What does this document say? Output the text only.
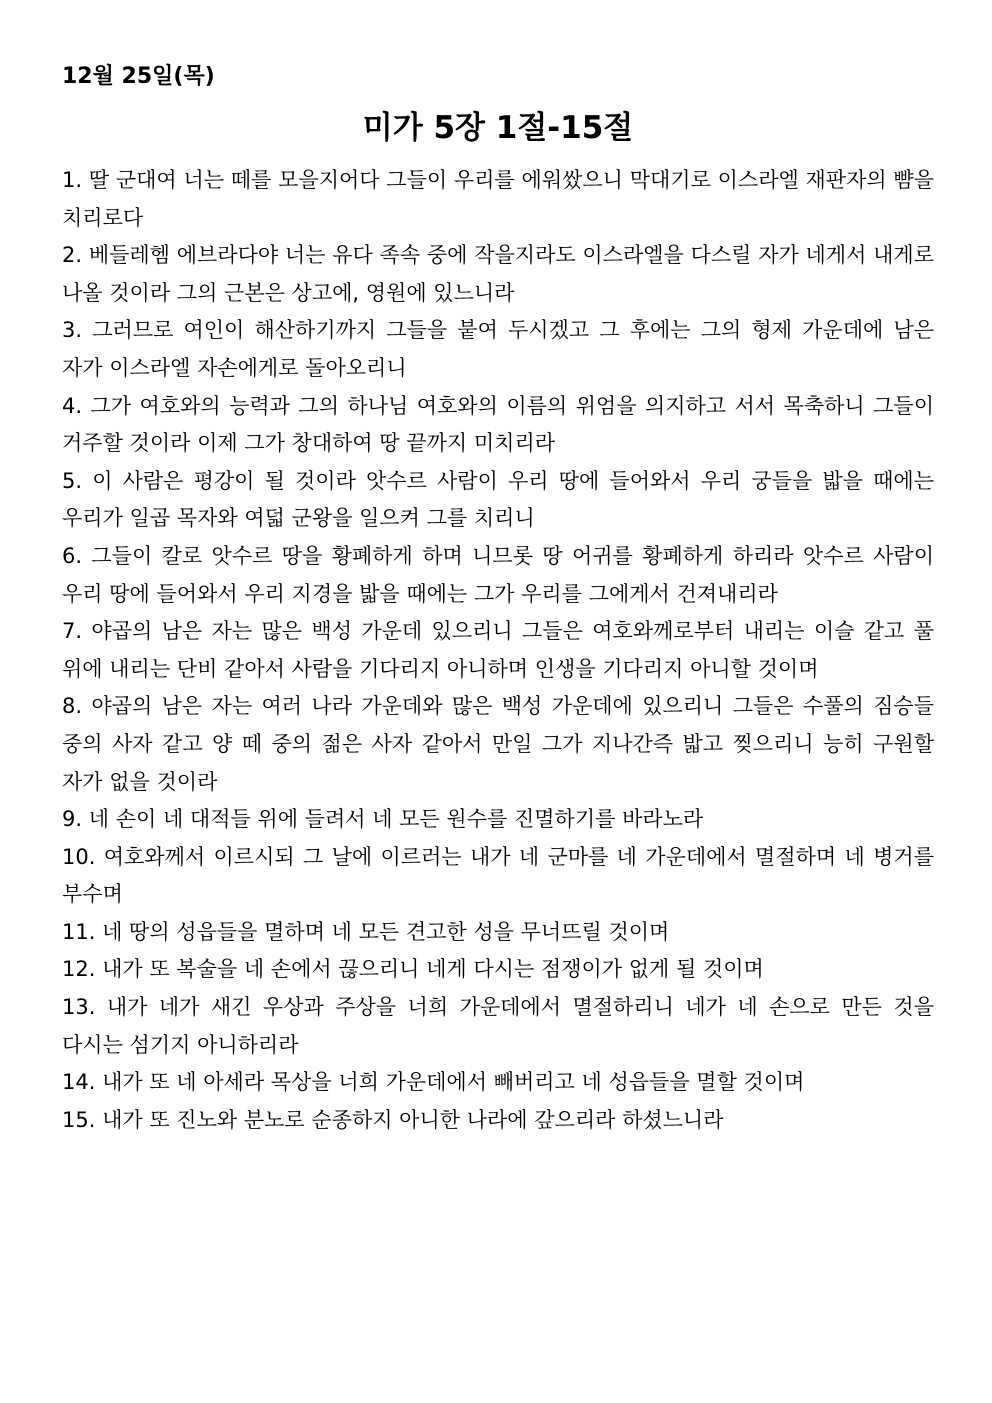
12월 25일(목)
미가 5장 1절-15절
1. 딸 군대여 너는 떼를 모을지어다 그들이 우리를 에워쌌으니 막대기로 이스라엘 재판자의 뺨을 치리로다
2. 베들레헴 에브라다야 너는 유다 족속 중에 작을지라도 이스라엘을 다스릴 자가 네게서 내게로 나올 것이라 그의 근본은 상고에, 영원에 있느니라
3. 그러므로 여인이 해산하기까지 그들을 붙여 두시겠고 그 후에는 그의 형제 가운데에 남은 자가 이스라엘 자손에게로 돌아오리니
4. 그가 여호와의 능력과 그의 하나님 여호와의 이름의 위엄을 의지하고 서서 목축하니 그들이 거주할 것이라 이제 그가 창대하여 땅 끝까지 미치리라
5. 이 사람은 평강이 될 것이라 앗수르 사람이 우리 땅에 들어와서 우리 궁들을 밟을 때에는 우리가 일곱 목자와 여덟 군왕을 일으켜 그를 치리니
6. 그들이 칼로 앗수르 땅을 황폐하게 하며 니므롯 땅 어귀를 황폐하게 하리라 앗수르 사람이 우리 땅에 들어와서 우리 지경을 밟을 때에는 그가 우리를 그에게서 건져내리라
7. 야곱의 남은 자는 많은 백성 가운데 있으리니 그들은 여호와께로부터 내리는 이슬 같고 풀 위에 내리는 단비 같아서 사람을 기다리지 아니하며 인생을 기다리지 아니할 것이며
8. 야곱의 남은 자는 여러 나라 가운데와 많은 백성 가운데에 있으리니 그들은 수풀의 짐승들 중의 사자 같고 양 떼 중의 젊은 사자 같아서 만일 그가 지나간즉 밟고 찢으리니 능히 구원할 자가 없을 것이라
9. 네 손이 네 대적들 위에 들려서 네 모든 원수를 진멸하기를 바라노라
10. 여호와께서 이르시되 그 날에 이르러는 내가 네 군마를 네 가운데에서 멸절하며 네 병거를 부수며
11. 네 땅의 성읍들을 멸하며 네 모든 견고한 성을 무너뜨릴 것이며
12. 내가 또 복술을 네 손에서 끊으리니 네게 다시는 점쟁이가 없게 될 것이며
13. 내가 네가 새긴 우상과 주상을 너희 가운데에서 멸절하리니 네가 네 손으로 만든 것을 다시는 섬기지 아니하리라
14. 내가 또 네 아세라 목상을 너희 가운데에서 빼버리고 네 성읍들을 멸할 것이며
15. 내가 또 진노와 분노로 순종하지 아니한 나라에 갚으리라 하셨느니라
